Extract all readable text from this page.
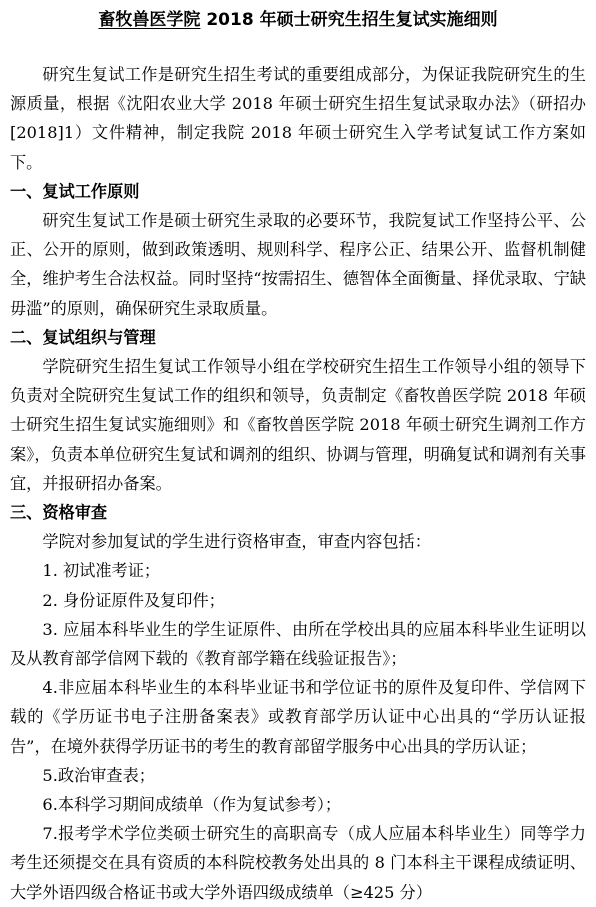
畜牧兽医学院 2018 年硕士研究生招生复试实施细则

研究生复试工作是研究生招生考试的重要组成部分，为保证我院研究生的生源质量，根据《沈阳农业大学 2018 年硕士研究生招生复试录取办法》（研招办[2018]1）文件精神，制定我院 2018 年硕士研究生入学考试复试工作方案如下。

一、复试工作原则

研究生复试工作是硕士研究生录取的必要环节，我院复试工作坚持公平、公正、公开的原则，做到政策透明、规则科学、程序公正、结果公开、监督机制健全，维护考生合法权益。同时坚持“按需招生、德智体全面衡量、择优录取、宁缺毋滥”的原则，确保研究生录取质量。

二、复试组织与管理

学院研究生招生复试工作领导小组在学校研究生招生工作领导小组的领导下负责对全院研究生复试工作的组织和领导，负责制定《畜牧兽医学院 2018 年硕士研究生招生复试实施细则》和《畜牧兽医学院 2018 年硕士研究生调剂工作方案》，负责本单位研究生复试和调剂的组织、协调与管理，明确复试和调剂有关事宜，并报研招办备案。

三、资格审查

学院对参加复试的学生进行资格审查，审查内容包括：

1. 初试准考证；

2. 身份证原件及复印件；

3. 应届本科毕业生的学生证原件、由所在学校出具的应届本科毕业生证明以及从教育部学信网下载的《教育部学籍在线验证报告》；

4.非应届本科毕业生的本科毕业证书和学位证书的原件及复印件、学信网下载的《学历证书电子注册备案表》或教育部学历认证中心出具的“学历认证报告”，在境外获得学历证书的考生的教育部留学服务中心出具的学历认证；

5.政治审查表；

6.本科学习期间成绩单（作为复试参考）；

7.报考学术学位类硕士研究生的高职高专（成人应届本科毕业生）同等学力考生还须提交在具有资质的本科院校教务处出具的 8 门本科主干课程成绩证明、大学外语四级合格证书或大学外语四级成绩单（≥425 分）
